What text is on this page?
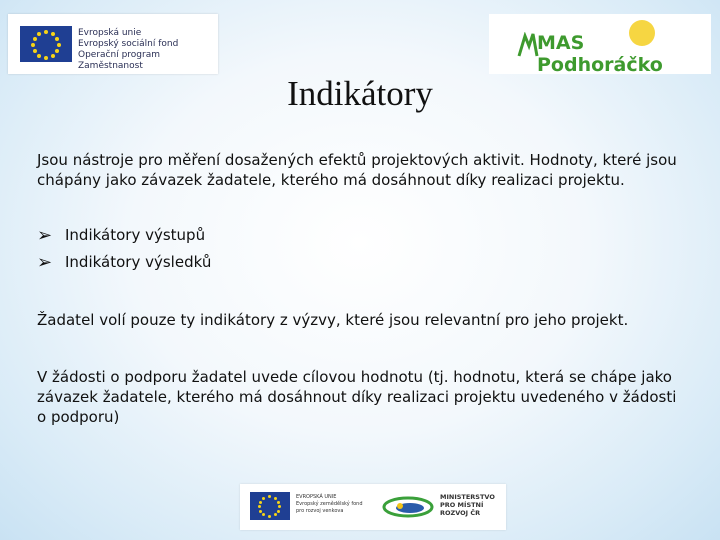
Evropská unie
Evropský sociální fond
Operační program Zaměstnanost
MAS Podhoráčko
Indikátory

Jsou nástroje pro měření dosažených efektů projektových aktivit. Hodnoty, které jsou chápány jako závazek žadatele, kterého má dosáhnout díky realizaci projektu.

➢ Indikátory výstupů
➢ Indikátory výsledků

Žadatel volí pouze ty indikátory z výzvy, které jsou relevantní pro jeho projekt.

V žádosti o podporu žadatel uvede cílovou hodnotu (tj. hodnotu, která se chápe jako závazek žadatele, kterého má dosáhnout díky realizaci projektu uvedeného v žádosti o podporu)

EVROPSKÁ UNIE
Evropský zemědělský fond
pro rozvoj venkova
MINISTERSTVO
PRO MÍSTNÍ
ROZVOJ ČR
